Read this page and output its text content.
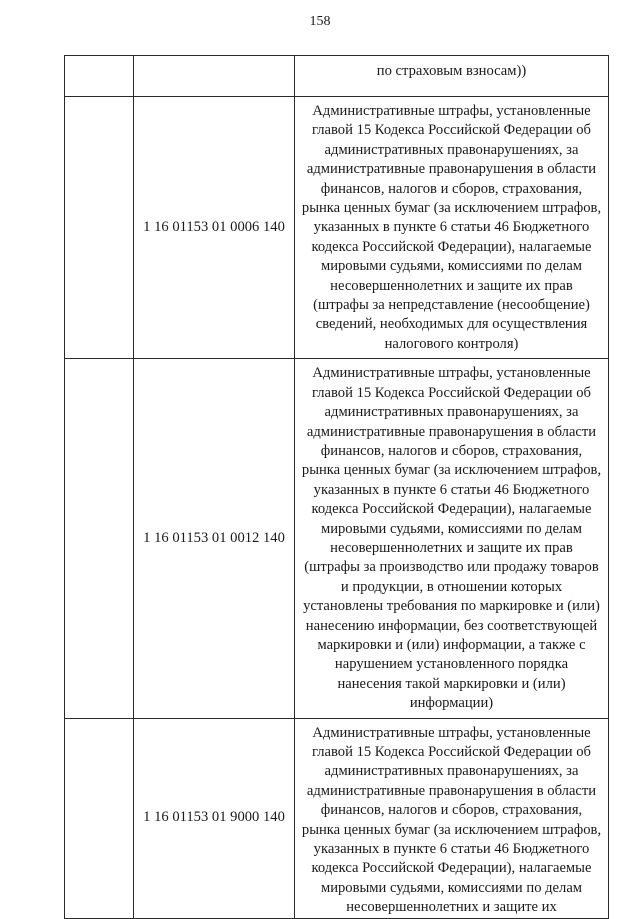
158
		по страховым взносам))
	1 16 01153 01 0006 140	Административные штрафы, установленные главой 15 Кодекса Российской Федерации об административных правонарушениях, за административные правонарушения в области финансов, налогов и сборов, страхования, рынка ценных бумаг (за исключением штрафов, указанных в пункте 6 статьи 46 Бюджетного кодекса Российской Федерации), налагаемые мировыми судьями, комиссиями по делам несовершеннолетних и защите их прав (штрафы за непредставление (несообщение) сведений, необходимых для осуществления налогового контроля)
	1 16 01153 01 0012 140	Административные штрафы, установленные главой 15 Кодекса Российской Федерации об административных правонарушениях, за административные правонарушения в области финансов, налогов и сборов, страхования, рынка ценных бумаг (за исключением штрафов, указанных в пункте 6 статьи 46 Бюджетного кодекса Российской Федерации), налагаемые мировыми судьями, комиссиями по делам несовершеннолетних и защите их прав (штрафы за производство или продажу товаров и продукции, в отношении которых установлены требования по маркировке и (или) нанесению информации, без соответствующей маркировки и (или) информации, а также с нарушением установленного порядка нанесения такой маркировки и (или) информации)
	1 16 01153 01 9000 140	Административные штрафы, установленные главой 15 Кодекса Российской Федерации об административных правонарушениях, за административные правонарушения в области финансов, налогов и сборов, страхования, рынка ценных бумаг (за исключением штрафов, указанных в пункте 6 статьи 46 Бюджетного кодекса Российской Федерации), налагаемые мировыми судьями, комиссиями по делам несовершеннолетних и защите их
